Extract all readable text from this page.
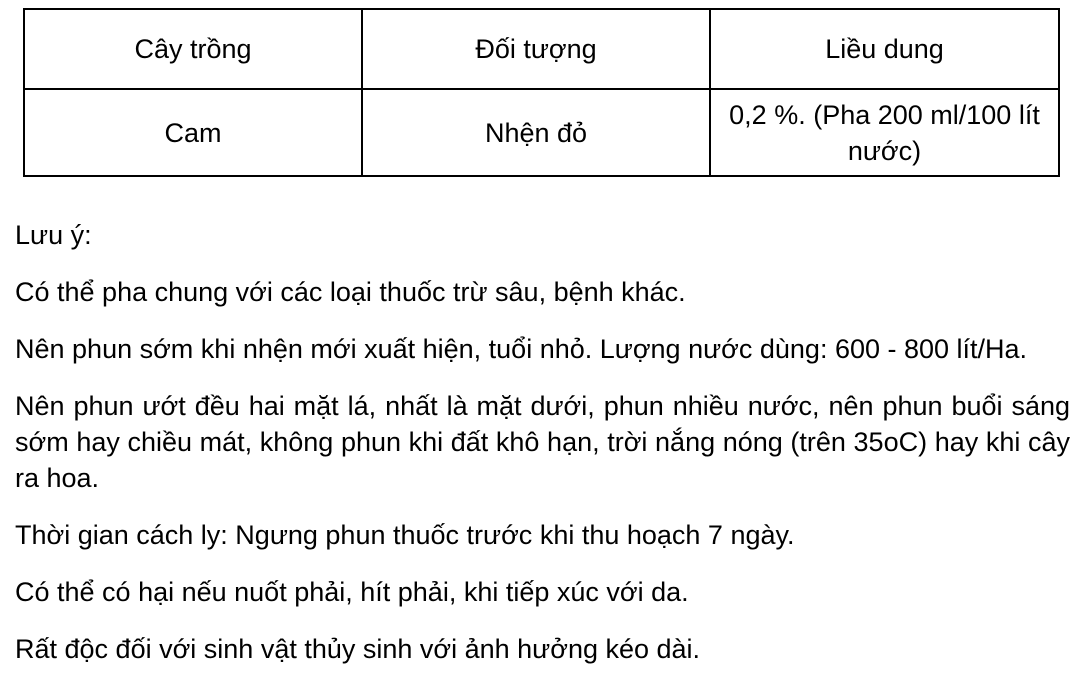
Cây trồng	Đối tượng	Liều dung
Cam	Nhện đỏ	0,2 %. (Pha 200 ml/100 lít nước)

Lưu ý:

Có thể pha chung với các loại thuốc trừ sâu, bệnh khác.

Nên phun sớm khi nhện mới xuất hiện, tuổi nhỏ. Lượng nước dùng: 600 - 800 lít/Ha.

Nên phun ướt đều hai mặt lá, nhất là mặt dưới, phun nhiều nước, nên phun buổi sáng sớm hay chiều mát, không phun khi đất khô hạn, trời nắng nóng (trên 35oC) hay khi cây ra hoa.

Thời gian cách ly: Ngưng phun thuốc trước khi thu hoạch 7 ngày.

Có thể có hại nếu nuốt phải, hít phải, khi tiếp xúc với da.

Rất độc đối với sinh vật thủy sinh với ảnh hưởng kéo dài.
